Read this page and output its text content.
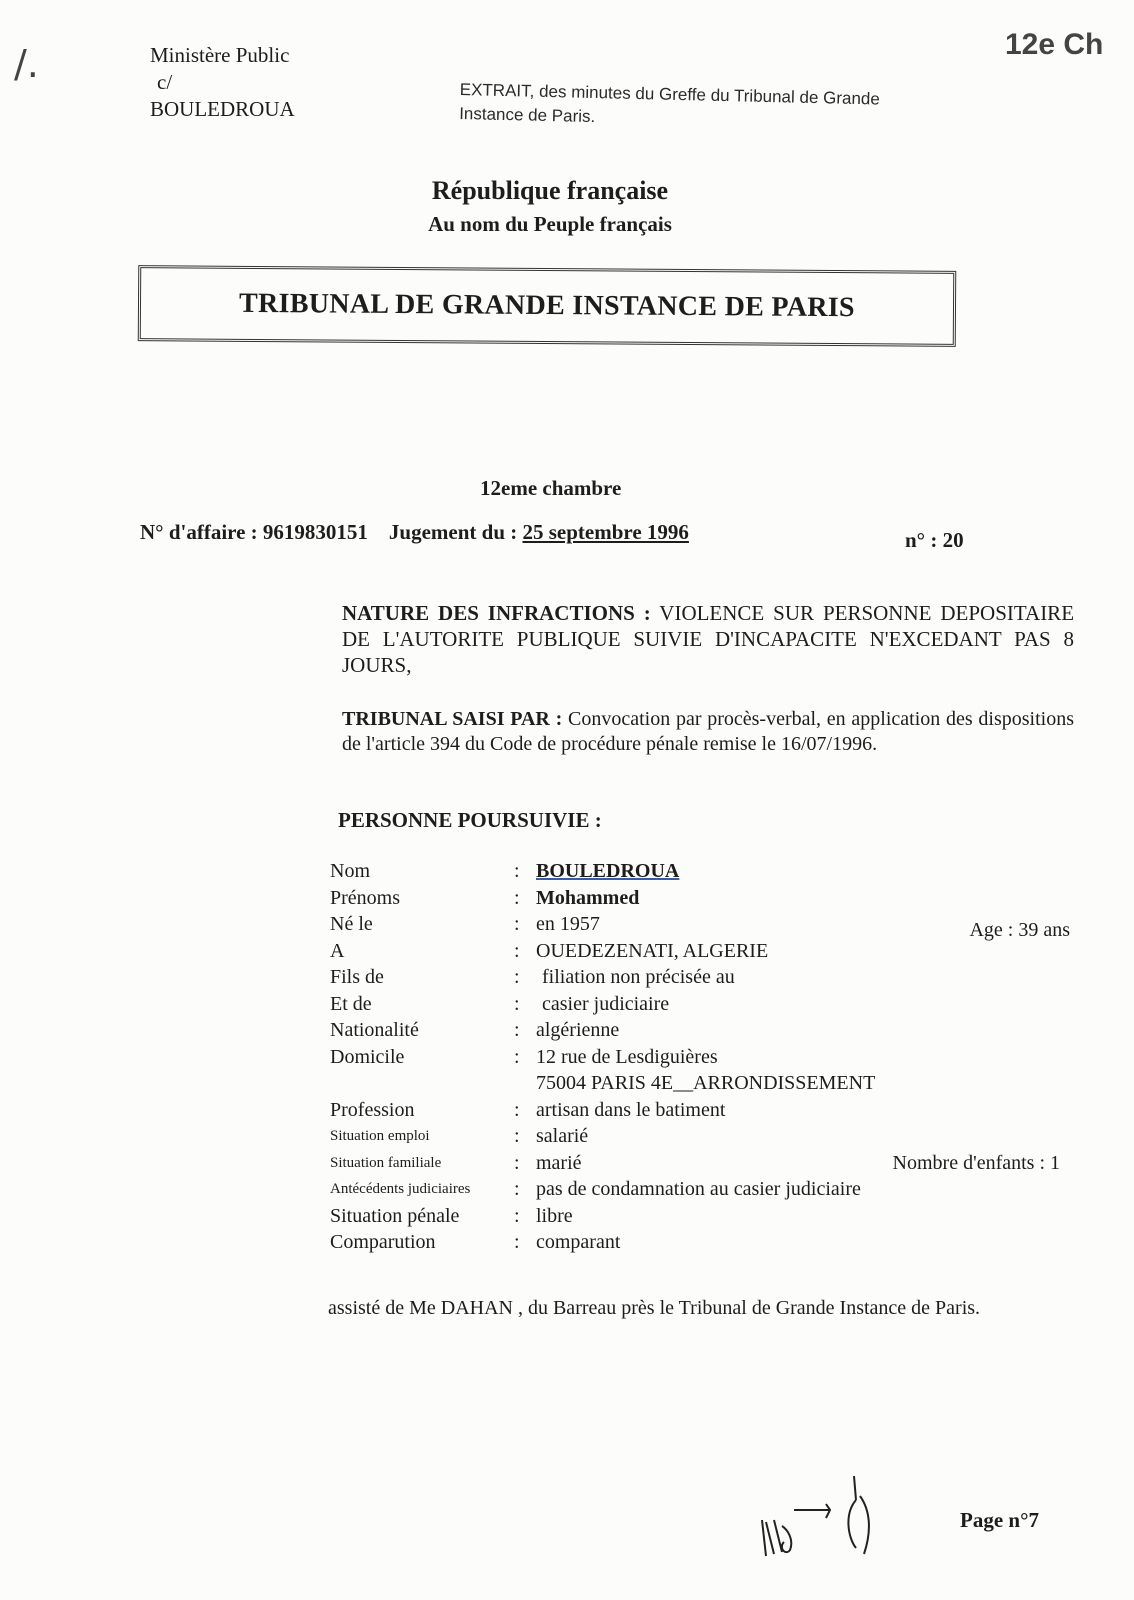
/.	Ministère Public
c/
BOULEDROUA
EXTRAIT, des minutes du Greffe du Tribunal de Grande
Instance de Paris.
12e Ch
République française
Au nom du Peuple français
TRIBUNAL DE GRANDE INSTANCE DE PARIS
12eme chambre
N° d'affaire : 9619830151 Jugement du : 25 septembre 1996	n° : 20
NATURE DES INFRACTIONS : VIOLENCE SUR PERSONNE DEPOSITAIRE DE L'AUTORITE PUBLIQUE SUIVIE D'INCAPACITE N'EXCEDANT PAS 8 JOURS,
TRIBUNAL SAISI PAR : Convocation par procès-verbal, en application des dispositions de l'article 394 du Code de procédure pénale remise le 16/07/1996.
PERSONNE POURSUIVIE :
Nom	: BOULEDROUA
Prénoms	: Mohammed
Né le	: en 1957	Age : 39 ans
A	: OUEDEZENATI, ALGERIE
Fils de	: filiation non précisée au
Et de	: casier judiciaire
Nationalité	: algérienne
Domicile	: 12 rue de Lesdiguières
75004 PARIS 4E__ARRONDISSEMENT
Profession	: artisan dans le batiment
Situation emploi	: salarié
Situation familiale	: marié	Nombre d'enfants : 1
Antécédents judiciaires : pas de condamnation au casier judiciaire
Situation pénale	: libre
Comparution	: comparant
assisté de Me DAHAN , du Barreau près le Tribunal de Grande Instance de Paris.
Page n°7
